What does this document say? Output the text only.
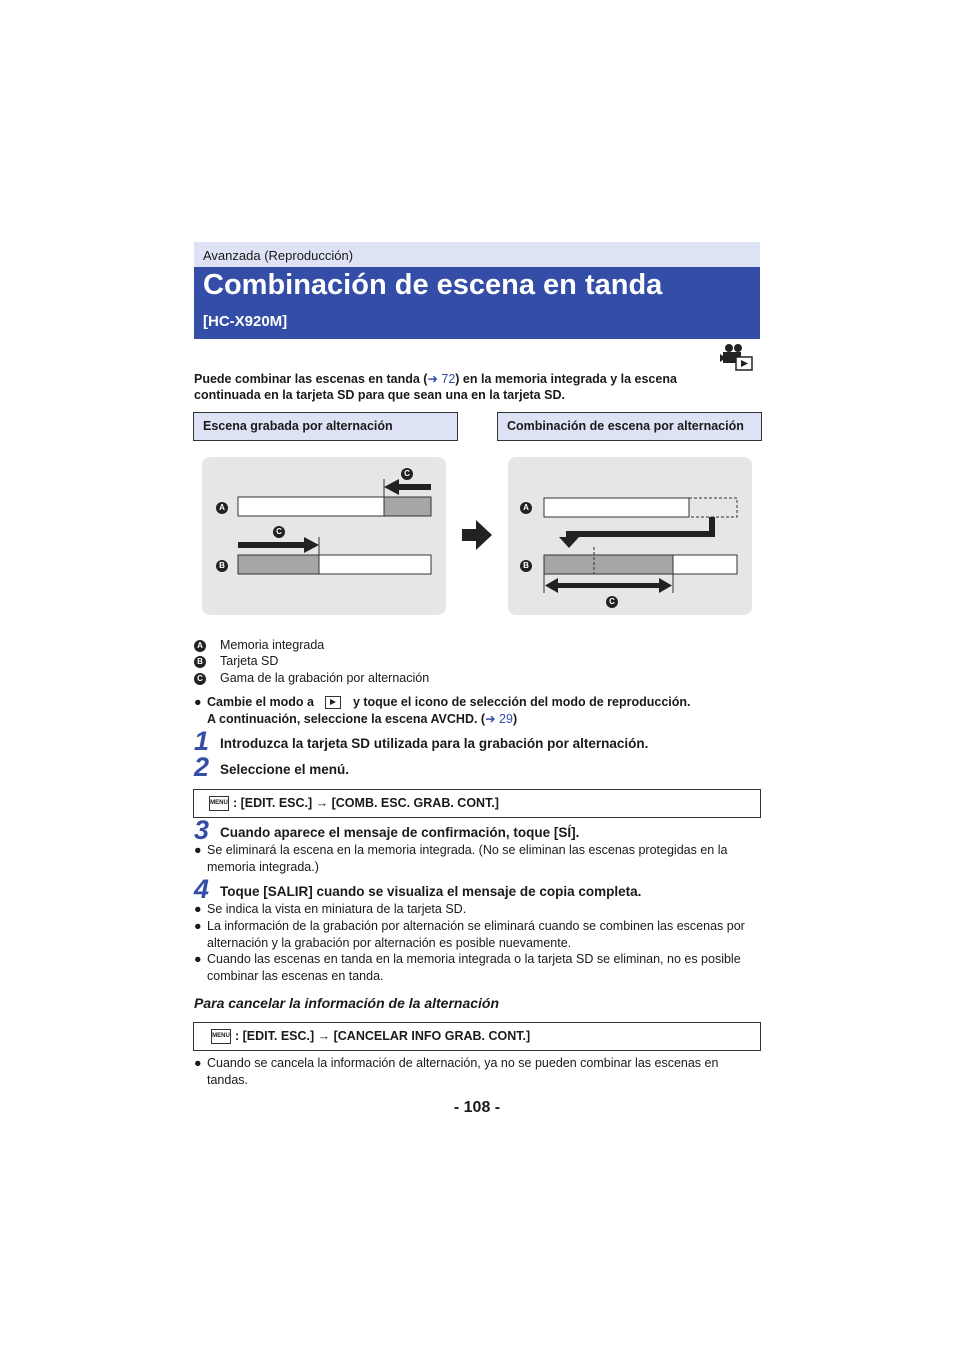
Avanzada (Reproducción)
Combinación de escena en tanda
[HC-X920M]
Puede combinar las escenas en tanda (➜ 72) en la memoria integrada y la escena
continuada en la tarjeta SD para que sean una en la tarjeta SD.
Escena grabada por alternación	Combinación de escena por alternación
A
B
C
C
A
B
C
A Memoria integrada
B Tarjeta SD
C Gama de la grabación por alternación
● Cambie el modo a	y toque el icono de selección del modo de reproducción.
A continuación, seleccione la escena AVCHD. (➜ 29)
1 Introduzca la tarjeta SD utilizada para la grabación por alternación.
2 Seleccione el menú.
MENU : [EDIT. ESC.] → [COMB. ESC. GRAB. CONT.]
3 Cuando aparece el mensaje de confirmación, toque [SÍ].
● Se eliminará la escena en la memoria integrada. (No se eliminan las escenas protegidas en la memoria integrada.)
4 Toque [SALIR] cuando se visualiza el mensaje de copia completa.
● Se indica la vista en miniatura de la tarjeta SD.
● La información de la grabación por alternación se eliminará cuando se combinen las escenas por alternación y la grabación por alternación es posible nuevamente.
● Cuando las escenas en tanda en la memoria integrada o la tarjeta SD se eliminan, no es posible combinar las escenas en tanda.
Para cancelar la información de la alternación
MENU : [EDIT. ESC.] → [CANCELAR INFO GRAB. CONT.]
● Cuando se cancela la información de alternación, ya no se pueden combinar las escenas en tandas.
- 108 -
